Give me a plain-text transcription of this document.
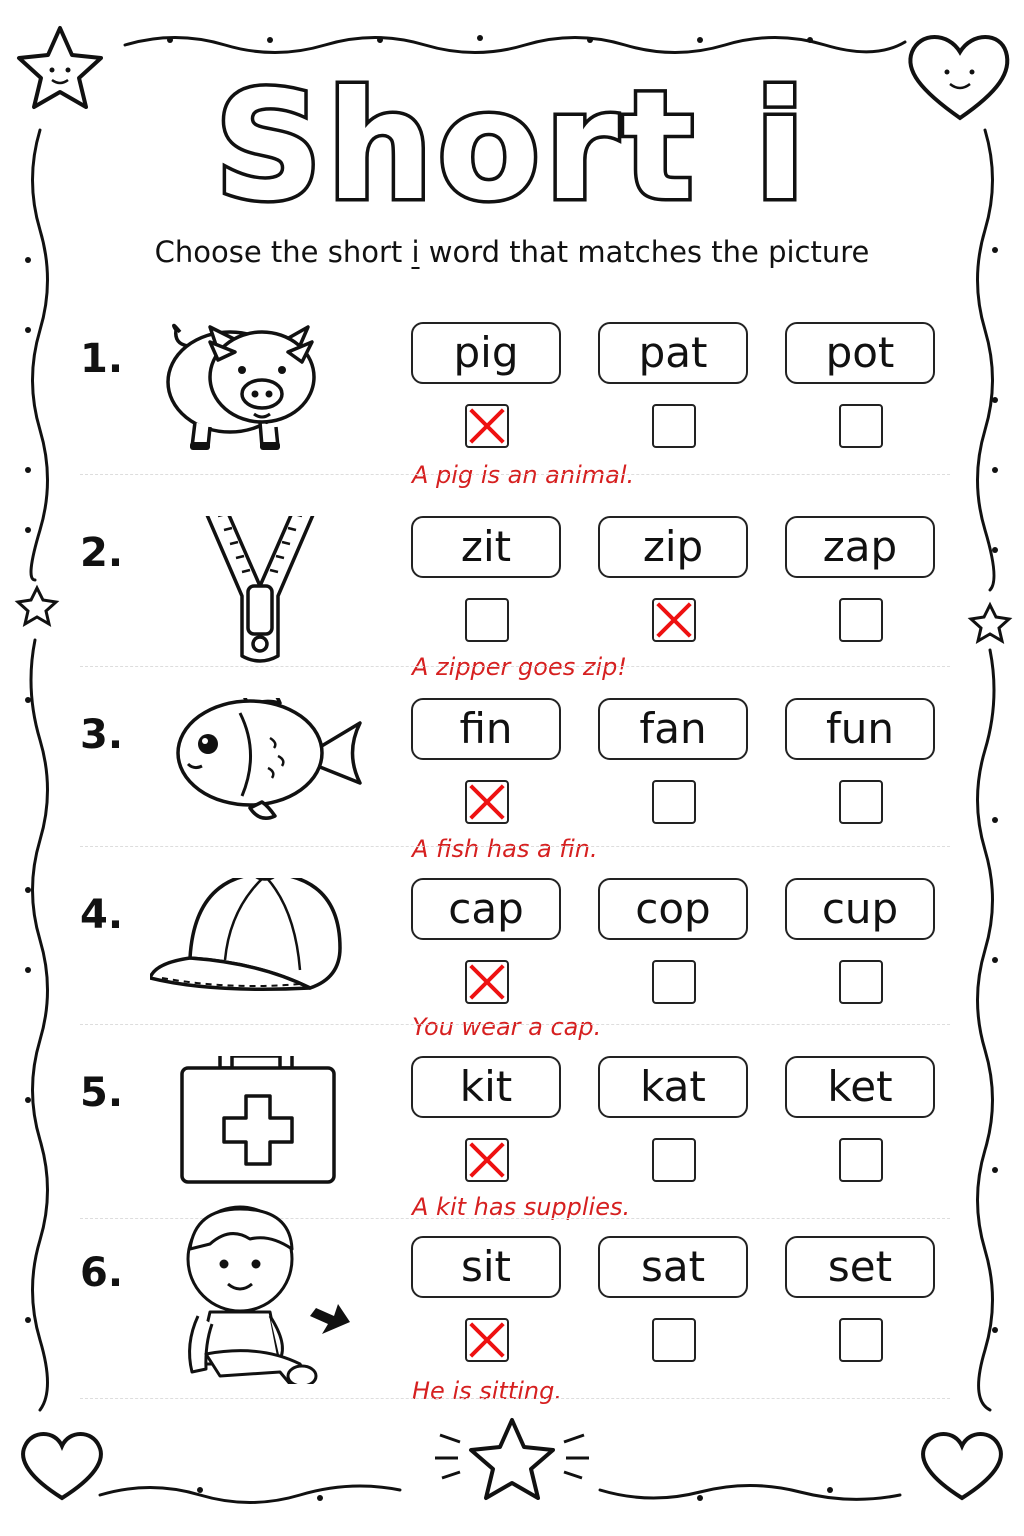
Short i
Choose the short i word that matches the picture
1.	pig	pat	pot
A pig is an animal.
2.	zit	zip	zap
A zipper goes zip!
3.	fin	fan	fun
A fish has a fin.
4.	cap	cop	cup
You wear a cap.
5.	kit	kat	ket
A kit has supplies.
6.	sit	sat	set
He is sitting.
